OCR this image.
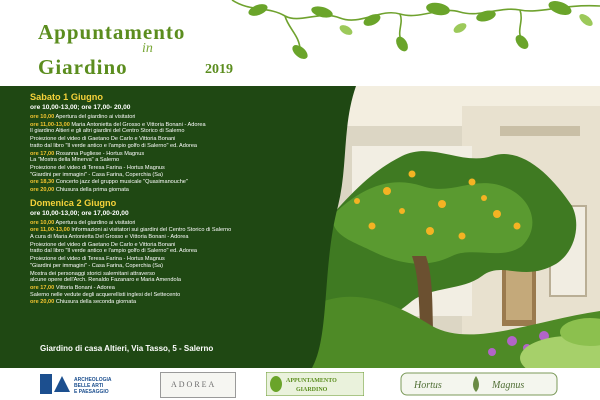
Appuntamento
in
Giardino	2019
Sabato 1 Giugno
ore 10,00-13,00; ore 17,00- 20,00
ore 10,00 Apertura del giardino ai visitatori
ore 11,00-13,00 Maria Antonietta del Grosso e Vittoria Bonani - Adorea
Il giardino Altieri e gli altri giardini del Centro Storico di Salerno
Proiezione del video di Gaetano De Carlo e Vittoria Bonani
tratto dal libro "Il verde antico e l'ampio golfo di Salerno" ed. Adorea
ore 17,00 Rosanna Pugliese - Hortus Magnus
La "Mostra della Minerva" a Salerno
Proiezione del video di Teresa Farina - Hortus Magnus
"Giardini per immagini" - Casa Farina, Coperchia (Sa)
ore 18,30 Concerto jazz del gruppo musicale "Quasimanouche"
ore 20,00 Chiusura della prima giornata
Domenica 2 Giugno
ore 10,00-13,00; ore 17,00-20,00
ore 10,00 Apertura del giardino ai visitatori
ore 11,00-13,00 Informazioni ai visitatori sui giardini del Centro Storico di Salerno
A cura di Maria Antonietta Del Grosso e Vittoria Bonani - Adorea
Proiezione del video di Gaetano De Carlo e Vittoria Bonani
tratto dal libro "Il verde antico e l'ampio golfo di Salerno" ed. Adorea
Proiezione del video di Teresa Farina - Hortus Magnus
"Giardini per immagini" - Casa Farina, Coperchia (Sa)
Mostra dei personaggi storici salernitani attraverso
alcune opere dell'Arch. Renaldo Fazanaro e Maria Amendola
ore 17,00 Vittoria Bonani - Adorea
Salerno nelle vedute degli acquerellisti inglesi del Settecento
ore 20,00 Chiusura della seconda giornata
Giardino di casa Altieri, Via Tasso, 5 - Salerno
ARCHEOLOGIA
BELLE ARTI
E PAESAGGIO
ADOREA	APPUNTAMENTO
GIARDINO	Hortus	Magnus
